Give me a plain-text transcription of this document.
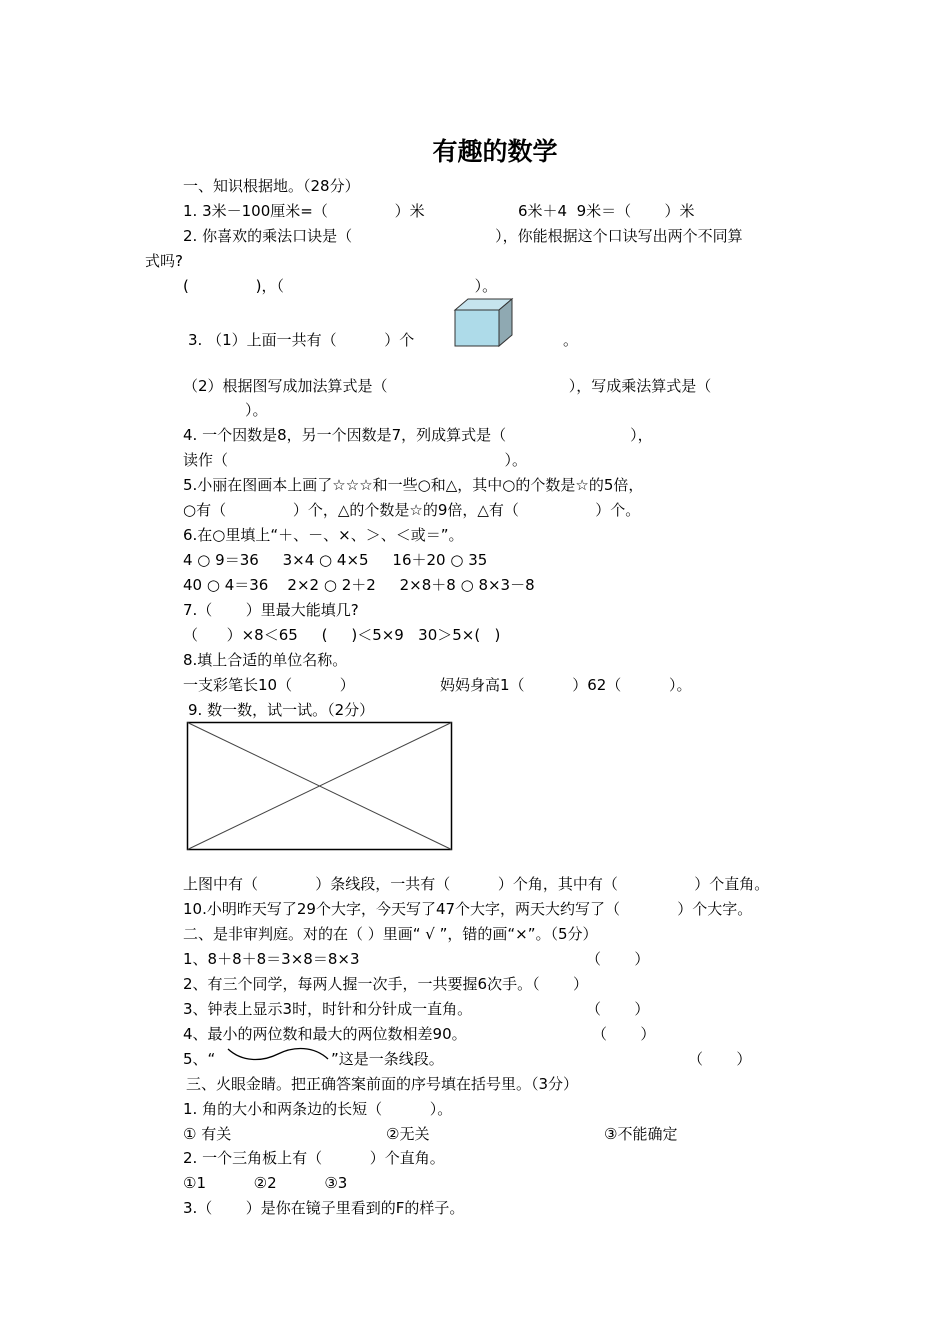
有趣的数学
一、知识根据地。（28分）
1. 3米－100厘米=（              ）米	6米＋4  9米＝（       ）米
2. 你喜欢的乘法口诀是（                              ），你能根据这个口诀写出两个不同算
式吗?
(              )，（                                        ）。
3. （1）上面一共有（          ）个	。
（2）根据图写成加法算式是（                                      ），写成乘法算式是（
）。
4. 一个因数是8，另一个因数是7，列成算式是（                          ），
读作（                                                          ）。
5.小丽在图画本上画了☆☆☆和一些○和△，其中○的个数是☆的5倍，
○有（              ）个，△的个数是☆的9倍，△有（                ）个。
6.在○里填上“＋、－、×、＞、＜或＝”。
4 ○ 9＝36     3×4 ○ 4×5     16＋20 ○ 35
40 ○ 4＝36    2×2 ○ 2＋2     2×8＋8 ○ 8×3－8
7.（       ）里最大能填几?
（      ）×8＜65     (     )＜5×9   30＞5×(   )
8.填上合适的单位名称。
一支彩笔长10（          ）	妈妈身高1（          ）62（          ）。
9. 数一数，试一试。（2分）
上图中有（            ）条线段，一共有（          ）个角，其中有（                ）个直角。
10.小明昨天写了29个大字，今天写了47个大字，两天大约写了（            ）个大字。
二、是非审判庭。对的在（ ）里画“ √ ”，错的画“×”。（5分）
1、8＋8＋8＝3×8＝8×3	（       ）
2、有三个同学，每两人握一次手，一共要握6次手。（       ）
3、钟表上显示3时，时针和分针成一直角。	（       ）
4、最小的两位数和最大的两位数相差90。	（       ）
5、“	”这是一条线段。	（       ）
三、火眼金睛。把正确答案前面的序号填在括号里。（3分）
1. 角的大小和两条边的长短（          ）。
① 有关	②无关	③不能确定
2. 一个三角板上有（          ）个直角。
①1          ②2          ③3
3.（       ）是你在镜子里看到的F的样子。
